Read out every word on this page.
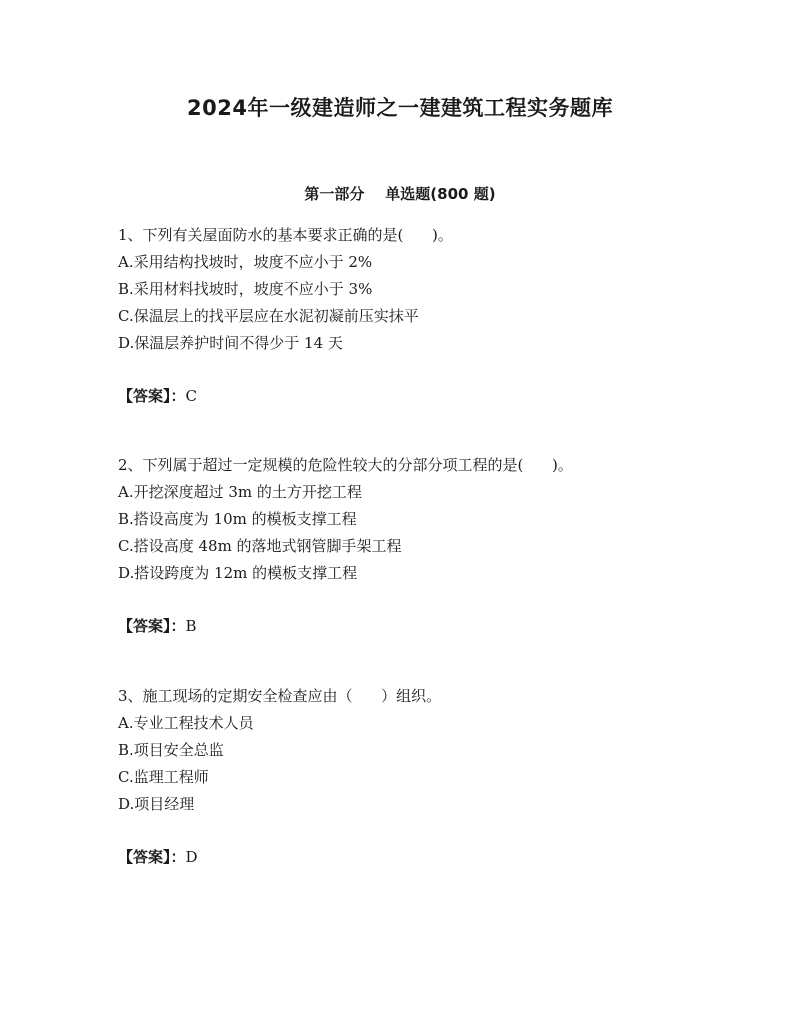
2024年一级建造师之一建建筑工程实务题库
第一部分    单选题(800 题)

1、下列有关屋面防水的基本要求正确的是(      )。

A.采用结构找坡时，坡度不应小于 2%

B.采用材料找坡时，坡度不应小于 3%

C.保温层上的找平层应在水泥初凝前压实抹平

D.保温层养护时间不得少于 14 天

【答案】：C

2、下列属于超过一定规模的危险性较大的分部分项工程的是(      )。

A.开挖深度超过 3m 的土方开挖工程

B.搭设高度为 10m 的模板支撑工程

C.搭设高度 48m 的落地式钢管脚手架工程

D.搭设跨度为 12m 的模板支撑工程

【答案】：B

3、施工现场的定期安全检查应由（      ）组织。

A.专业工程技术人员

B.项目安全总监

C.监理工程师

D.项目经理

【答案】：D
